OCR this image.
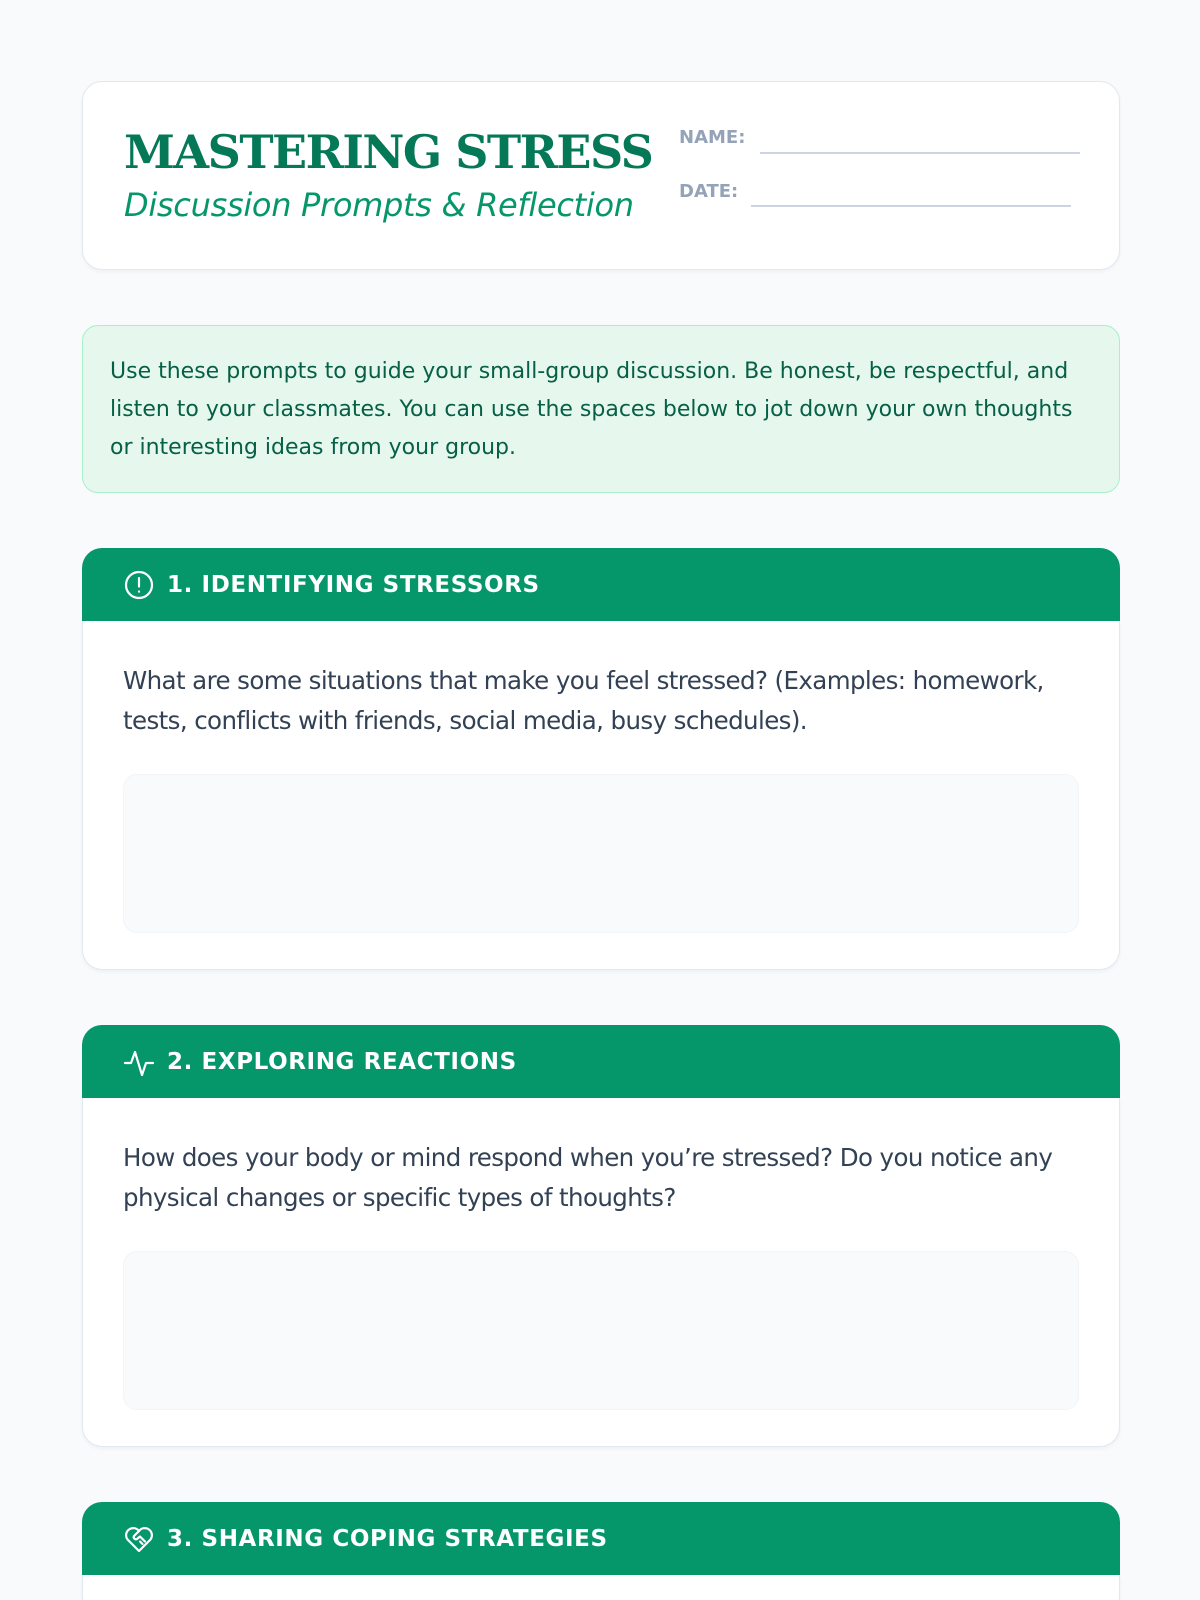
MASTERING STRESS
Discussion Prompts & Reflection
NAME:
DATE:

Use these prompts to guide your small-group discussion. Be honest, be respectful, and listen to your classmates. You can use the spaces below to jot down your own thoughts or interesting ideas from your group.

1. IDENTIFYING STRESSORS

What are some situations that make you feel stressed? (Examples: homework, tests, conflicts with friends, social media, busy schedules).

2. EXPLORING REACTIONS

How does your body or mind respond when you’re stressed? Do you notice any physical changes or specific types of thoughts?

3. SHARING COPING STRATEGIES
